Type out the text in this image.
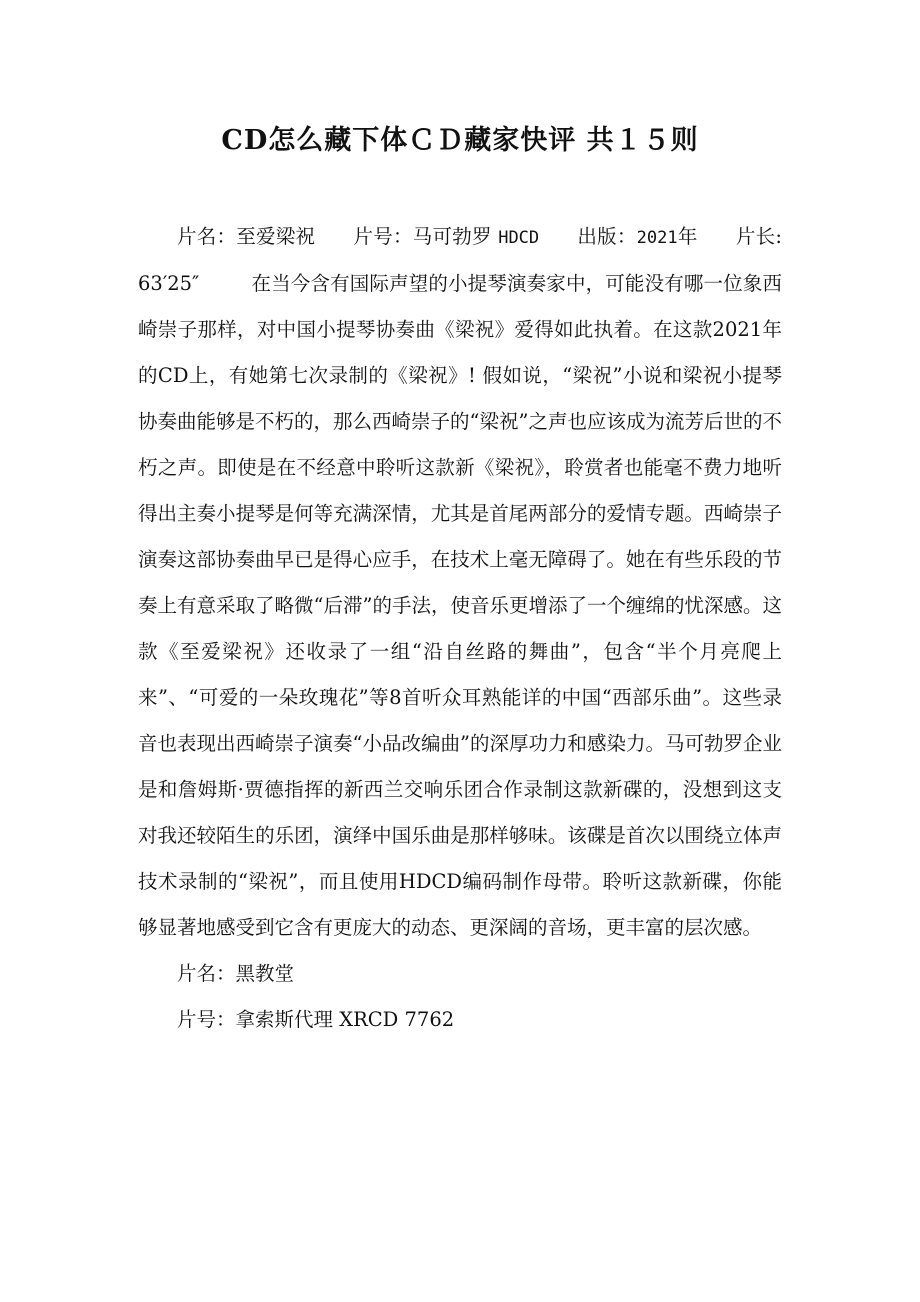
CD怎么藏下体ＣＤ藏家快评 共１５则

片名：至爱梁祝 片号：马可勃罗 HDCD 出版：2021年 片长:63′25″	在当今含有国际声望的小提琴演奏家中，可能没有哪一位象西崎崇子那样，对中国小提琴协奏曲《梁祝》爱得如此执着。在这款2021年的CD上，有她第七次录制的《梁祝》! 假如说，“梁祝”小说和梁祝小提琴协奏曲能够是不朽的，那么西崎崇子的“梁祝”之声也应该成为流芳后世的不朽之声。即使是在不经意中聆听这款新《梁祝》，聆赏者也能毫不费力地听得出主奏小提琴是何等充满深情，尤其是首尾两部分的爱情专题。西崎崇子演奏这部协奏曲早已是得心应手，在技术上毫无障碍了。她在有些乐段的节奏上有意采取了略微“后滞”的手法，使音乐更增添了一个缠绵的忧深感。这款《至爱梁祝》还收录了一组“沿自丝路的舞曲”，包含“半个月亮爬上来”、“可爱的一朵玫瑰花”等8首听众耳熟能详的中国“西部乐曲”。这些录音也表现出西崎崇子演奏“小品改编曲”的深厚功力和感染力。马可勃罗企业是和詹姆斯·贾德指挥的新西兰交响乐团合作录制这款新碟的，没想到这支对我还较陌生的乐团，演绎中国乐曲是那样够味。该碟是首次以围绕立体声技术录制的“梁祝”，而且使用HDCD编码制作母带。聆听这款新碟，你能够显著地感受到它含有更庞大的动态、更深阔的音场，更丰富的层次感。

片名：黑教堂

片号：拿索斯代理 XRCD 7762
